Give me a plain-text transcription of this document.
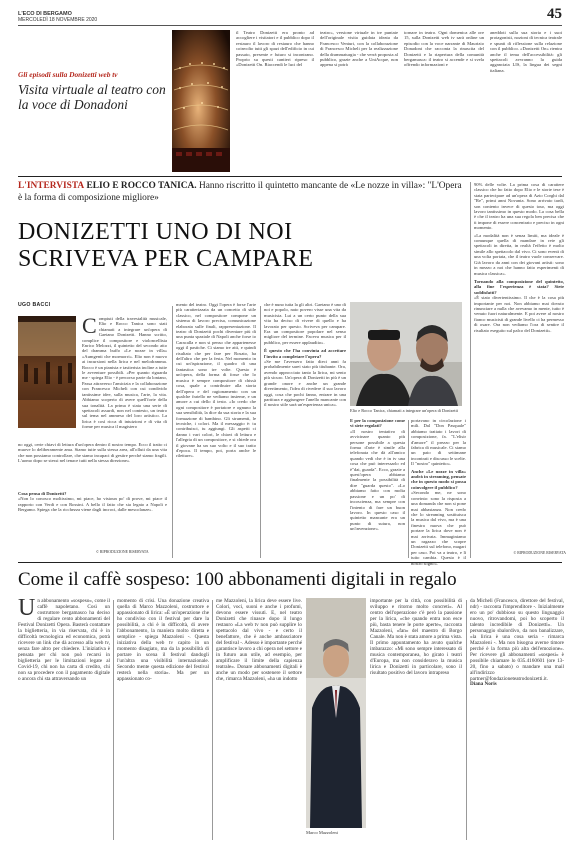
L'ECO DI BERGAMO
MERCOLEDÌ 18 NOVEMBRE 2020	45
Gli episodi sulla Donizetti web tv
Visita virtuale al teatro con la voce di Donadoni
il Teatro Donizetti era pronto ad accogliere i visitatori e il pubblico dopo il restauro il lavoro di restauro che hanno coinvolto tutti gli spazi dell'edificio in cui passato, presente e futuro si incontrano. Proprio su questi cantieri ripreso il «Donizetti On. Riaccendi le luci del
teatro», versione virtuale in tre puntate dell'originale visita guidata ideata da Francesco Venturi, con la collaborazione di Francesco Micheli per la realizzazione della drammaturgia - che verrà proposta al pubblico, grazie anche a UniAcque, non appena si potrà
tornare in teatro. Ogni domenica alle ore 15, sulla Donizetti web tv sarà online un episodio con la voce narrante di Maurizio Donadoni che racconta la rinascita del Donizetti e la riapertura della comunità bergamasca: il teatro si accende e si svela offrendo informazioni e
aneddoti sulla sua storia e i suoi protagonisti, nozioni di tecnica teatrale e spunti di riflessione sulla relazione con il pubblico. «Donizetti On» rientra anche il tema dell'accessibilità: gli spettacoli avvranno la guida agganciata LIS, la lingua dei segni italiana.
L'INTERVISTA ELIO E ROCCO TANICA. Hanno riscritto il quintetto mancante de «Le nozze in villa»: "L'Opera è la forma di composizione migliore»
DONIZETTI UNO DI NOI
SCRIVEVA PER CAMPARE
UGO BACCI
Compiuti della travestalità musicale, Elio e Rocco Tanica sono stati chiamati a integrare un'opera di Gaetano Donizetti. Hanno scritto, complice il compositore e violoncellista Enrico Melozzi, il quintetto del secondo atto del dramma buffo «Le nozze in villa» «Aumgenti che mormorri». Elio non è nuovo ai incursioni nella lirica e nel melodramma. Rocco è un pianista e tastierista incline a tutte le avventure possibili. «Per quanto riguarda me - spiega Elio - è percorso parte da lontano, Passa attraverso l'amicizia e la collaborazione con Francesco Micheli con cui condivido tantissime idee, sulla musica, l'arte, la vita. Abbiamo scoperto di avere quell'forte della sua tonalità. La prima è stata una serie di spettacoli assurdi, non nel contesto, un teatro sul tema nel ammeso del loro artistico. La lirica è così ricca di intuizioni e di vita di forme per musica il magistero
no oggi, certe chiavi di lettura d'un'opera dentro il nostro tempo. Ecco il tratto ci muove lo deliberamente ama. Siamo tutte sulla stessa area, all'olluti da una vita che non possiamo controllare, che siamo incapaci di gestire perché siamo fragili. L'uomo dopo se stessi nel tenace tutti nella stessa direzione».
Cosa pensa di Donizetti?
«Non lo conosco moltissimo, mi piace, ho vistoun po' di prove, mi piace il rapporto con Verdi e con Rossini. A bello il fatto che sia legato a Napoli e Bergamo. Spiega che la ricchezza viene dagli incroci, dalle mescolanze».
© RIPRODUZIONE RISERVATA
mento del teatro. Oggi l'opera è forse l'arte più caratterizzata da un concetto di stile classico, nel compositore compone un sistema di lavoro precisa, comunicazione elaborata sulle finali, rappresentazione. Il teatro di Donizetti pochi diventare più di una punta spaziale di Napoli anche forse io Caracalla e non si penso che appartenesse oggi il pastiche. Ci siamo tre atti, e quindi risultato che per fare per Rosato, ha dell'altro che per la festa. Nel momento in cui un'ispirazione, il quadro di una fantastica sono tre volte. Questo è un'opera, della forma di fosse che lo musica è sempre compositore di chissà cosa, quale a contribuire alla storia dell'opera e del ragionamento con un qualche fratello ne vediamo insieme, e un amore a cui dello il testo. «Io credo che ogni compositore è portatore e ognuno la sua sensibilità, la dice da sua storia e la sua formazione di bambino. Gli strumenti, le tecniche, i colori. Ma il messaggio è: tu contribuisci, tu aggiungi. Gli aspetti ci danno i vari colori, le chiavi di lettura e l'allegria di un compositore, e si chiede ora il giovane ha un suo volto e il suo tratto d'epoca. Il tempo, poi, porta anche le riletture».
che è nuno tutta la gli altri. Gaetano è uno di noi e popolo, nato povero visse una vita da musicista. Lui a un certo punto della sua vita ha deciso di vivere di quello e ha lavorato per questo. Scriveva per campare. Era un compositore popolare nel senso migliore del termine. Faceva musica per il pubblico, per essere applaudito».
È questo che l'ha convinta ad accettare l'invito a completare l'opera?
«Se me l'avessero fatto dieci anni fa probabilmente sarei stato più titubante. Ora, avendo approcciato tanto la lirica, mi sento più sicuro. Un'opera di Donizetti in più è un grande onore e anche un grande divertimento, l'idea di rivedere il suo lavoro oggi, cosa che pochi fanno, entrare in una partitura e aggiungere l'anello mancante con il nostro stile sarà un'esperienza unica».
Elio e Rocco Tanica, chiamati a integrare un'opera di Donizetti
E per la composizione come vi siete regolati?
«Il nostro tentativo di avvicinare quanto più persone possibile a questa forma d'arte è simile alla telefonata che dà all'amico quando vedi che è in tv una cosa che può interessarlo ed è"dai, guarda". Ecco, grazie a quest'opera abbiamo finalmente la possibilità di dire "guarda questo". «Lo abbiamo fatto con molta passione e un po' di incoscienza, ma sempre con l'intento di fare un buon lavoro. In questo caso il quintetto mancante era un punto di sutura, non un'invenzione».
portavano in circolazione i mili. Dal "Don Pasquale" abbiamo trattato i lavori di composizione, fa. "L'elisir d'amore" il prezzo per la fabrica di musicale. Ci siamo un paio di settimane incontrati e discusso le scelte. Il "nostro" quintetto».
Anche «Le nozze in villa» andrà in streaming, pensate che in questo modo si possa coinvolgere il pubblico?
«Secondo me, ne sono convinto: sono la risposta a una domanda che non si pone mai abbastanza. Non credo che lo streaming sostituisca la musica dal vivo, ma è una finestra nuova che può portare la lirica dove non è mai arrivata. Immaginiamo un ragazzo che scopre Donizetti sul telefono, magari per caso. Poi va a teatro, e lì tutto cambia. Questo è il nostro sogno».
90% delle volte. La prima cosa di carattere classico che ho fatto dopo Elio e le storie tese è stata partecipare ad un'opera di Azio Corghi dal "Re", primi anni Novanta. Sono arrivato tardi, son contento invece di questo tour, ma oggi lavoro tantissimo in questo modo. La cosa bella è che il teatro ha una sua regola ben precisa che ti impone di essere concentrato e preciso in ogni momento.
«La modalità non è senza limiti, ma ideale è comunque quella di mandare in rete gli spettacoli in diretta, in realtà l'effetto è molto simile allo spettacolo dal vivo. Ci sono eventi di una volta portata, che il teatro vuole conservare. Già lavoro da anni con dei giovani artisti: sono in mezzo a noi che hanno fatto esperimenti di musica classica».
Tornando alla composizione del quintetto, alla fine l'esperienza è stata? Siete soddisfatti?
«È stato divertentissimo. Il che è la cosa più importante per noi. Non abbiamo mai dovuto rinunciare a nulla che avevamo in mente, tutto è venuto fuori naturalmente. E poi avere al nostro fianco musicisti di grande livello ci ha permesso di osare. Ora non vediamo l'ora di sentire il risultato eseguito sul palco del Donizetti».
© RIPRODUZIONE RISERVATA
Come il caffè sospeso: 100 abbonamenti digitali in regalo
Un abbonamento «sospeso», come il caffè napoletano. Così un costruttore bergamasco ha deciso di regalare cento abbonamenti del Festival Donizetti Opera. Basterà contattare la biglietteria, in via riservata, chi è in difficoltà tecnologica ed economica, potrà ricevere un link che dà accesso alla web tv, senza fare altro per chiedere. L'iniziativa è pensata per chi non può recarsi in biglietteria per le limitazioni legate al Covid-19, chi non ha carta di credito, chi non sa procedere con il pagamento digitale o ancora chi sta attraversando un
momento di crisi. Una donazione creativa quella di Marco Mazzoleni, costruttore e appassionato di lirica: «È un'operazione che ho condiviso con il festival per dare la possibilità, a chi è in difficoltà, di avere l'abbonamento, la maniera molto diretta e semplice - spiega Mazzoleni -. Questa iniziativa della web tv capito in un momento disagiato, ma da la possibilità di portare in scena il festival dandogli l'un'altra una visibilità internazionale. Secondo mente questa edizione del festival resterà nella storia». Ma per un appassionato co-
me Mazzoleni, la lirica deve essere live. Colori, voci, suoni e anche i profumi, devono essere vissuti. E, nel teatro Donizetti che rinasce dopo il lungo restauro «La web tv non può supplire lo spettacolo dal vivo - e certo il benefattore, che è anche ambasciatore del festival -. Adesso è importante perché garantisce lavoro a chi opera nel settore e in futuro aun utile, ad esempio, per amplificare il limite della capienza teatrale». Donare abbonamenti digitali è anche un modo per sostenere il settore che, rimarca Mazzoleni, «ha un indotto
Marco Mazzoleni
importante per la città, con possibilità di sviluppo e ritorno molto concreti». Al centro dell'operazione c'è però la passione per la lirica, «che quando entra non esce più, basta tenere le porte aperte», racconta Mazzoleni, «fan» del maestro di Borgo Canale. Ma non è stata amore a prima vista. Il primo appuntamento ha avuto qualche imbarazzo: «Mi sono sempre interessato di musica contemporanea, ho girato i teatri d'Europa, ma non consideravo la musica lirica e Donizetti in particolare, sono il risultato positivo del lavoro intrapreso
da Micheli (Francesco, direttore del festival, ndr) - racconta l'imprenditore -. Inizialmente ero un po' dubbioso su questo linguaggio nuovo, ritrovandomi, poi ho scoperto il talento incredibile di Donizetti». Un personaggio sbalordivo, da non banalizzare, «la lirica è una cosa seria - rimarca Mazzoleni -. Ma non bisogna averne timore perché è la forma più alta dell'emozione». Per ricevere gli abbonamenti «sospesi» è possibile chiamare lo 035.4160601 (ore 13-20, fino a sabato) o mandare una mail all'indirizzo partner@fondazioneteatrodonizetti.it.
Diana Noris
